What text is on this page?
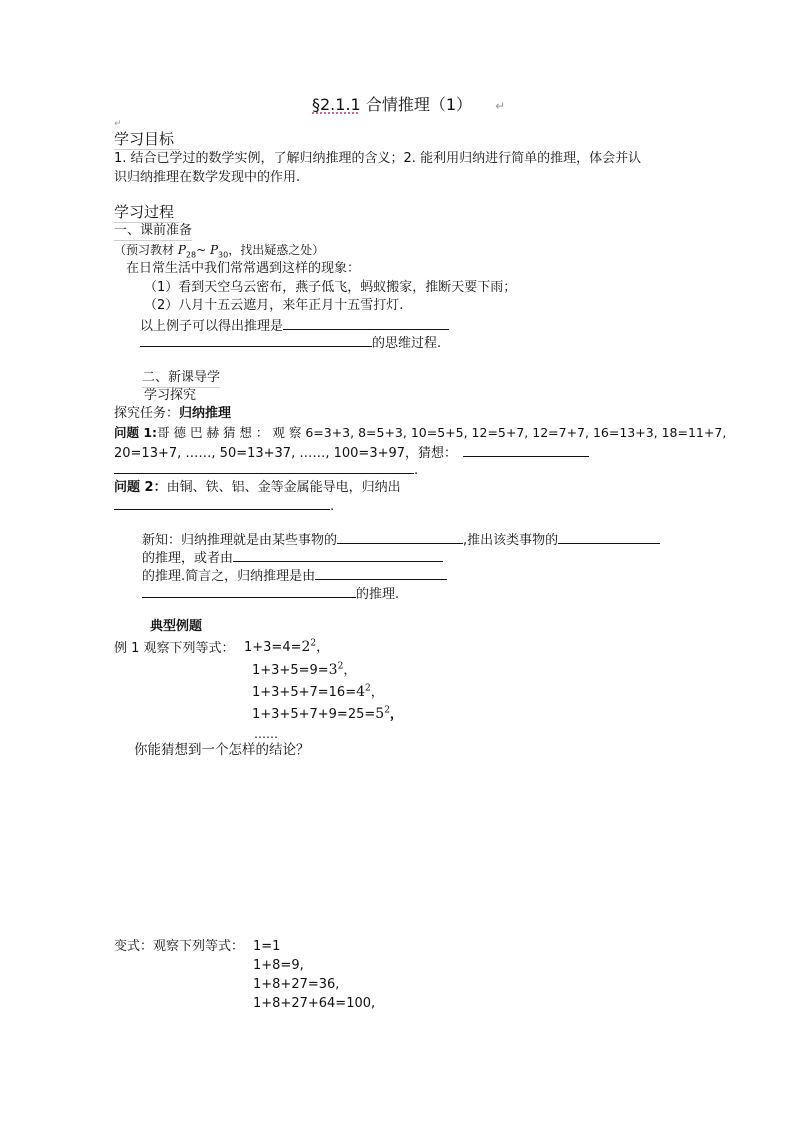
§2.1.1 合情推理（1） ↵
↵
学习目标
1. 结合已学过的数学实例，了解归纳推理的含义；2. 能利用归纳进行简单的推理，体会并认
识归纳推理在数学发现中的作用.
学习过程
一、课前准备
（预习教材 $P_{28}\sim$ $P_{30}$，找出疑惑之处）
在日常生活中我们常常遇到这样的现象：
（1）看到天空乌云密布，燕子低飞，蚂蚁搬家，推断天要下雨；
（2）八月十五云遮月，来年正月十五雪打灯.
以上例子可以得出推理是
的思维过程.
二、新课导学
学习探究
探究任务：归纳推理
问题 1:哥 德 巴 赫 猜 想 ： 观 察 6=3+3, 8=5+3, 10=5+5, 12=5+7, 12=7+7, 16=13+3, 18=11+7,
20=13+7, ……, 50=13+37, ……, 100=3+97，猜想：
.
问题 2：由铜、铁、铝、金等金属能导电，归纳出
.
新知：归纳推理就是由某些事物的	,推出该类事物的
的推理，或者由
的推理.简言之，归纳推理是由
的推理.
典型例题
例 1 观察下列等式： $1+3=4=2^2$，
$1+3+5=9=3^2$，
$1+3+5+7=16=4^2$，
$1+3+5+7+9=25=5^2$，
……
你能猜想到一个怎样的结论？
变式：观察下列等式： 1=1
1+8=9,
1+8+27=36,
1+8+27+64=100,
